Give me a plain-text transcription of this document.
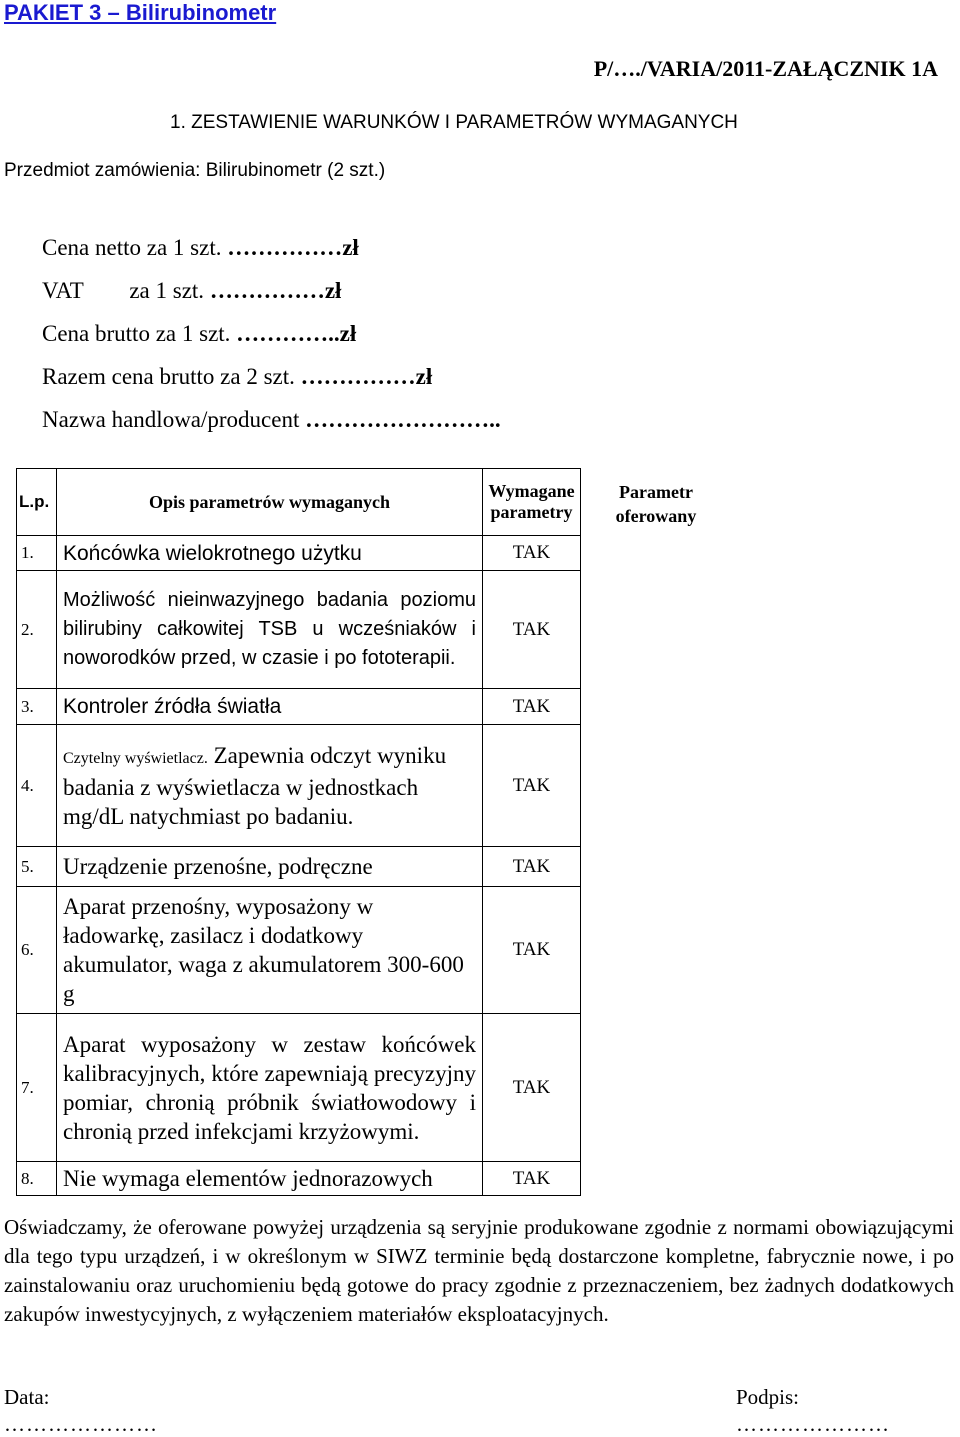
PAKIET 3 – Bilirubinometr
P/…./VARIA/2011-ZAŁĄCZNIK 1A
1. ZESTAWIENIE WARUNKÓW I PARAMETRÓW WYMAGANYCH
Przedmiot zamówienia: Bilirubinometr (2 szt.)
Cena netto za 1 szt. ……………zł
VAT        za 1 szt. ……………zł
Cena brutto za 1 szt. …………..zł
Razem cena brutto za 2 szt. ……………zł
Nazwa handlowa/producent ……………………..
L.p.	Opis parametrów wymaganych	Wymagane parametry
1.	Końcówka wielokrotnego użytku	TAK
2.	Możliwość nieinwazyjnego badania poziomu bilirubiny całkowitej TSB u wcześniaków i noworodków przed, w czasie i po fototerapii.	TAK
3.	Kontroler źródła światła	TAK
4.	Czytelny wyświetlacz. Zapewnia odczyt wyniku badania z wyświetlacza w jednostkach mg/dL natychmiast po badaniu.	TAK
5.	Urządzenie przenośne, podręczne	TAK
6.	Aparat przenośny, wyposażony w ładowarkę, zasilacz i dodatkowy akumulator, waga z akumulatorem 300-600 g	TAK
7.	Aparat wyposażony w zestaw końcówek kalibracyjnych, które zapewniają precyzyjny pomiar, chronią próbnik światłowodowy i chronią przed infekcjami krzyżowymi.	TAK
8.	Nie wymaga elementów jednorazowych	TAK
Parametr oferowany
Oświadczamy, że oferowane powyżej urządzenia są seryjnie produkowane zgodnie z normami obowiązującymi dla tego typu urządzeń, i w określonym w SIWZ terminie będą dostarczone kompletne, fabrycznie nowe, i po zainstalowaniu oraz uruchomieniu będą gotowe do pracy zgodnie z przeznaczeniem, bez żadnych dodatkowych zakupów inwestycyjnych, z wyłączeniem materiałów eksploatacyjnych.
Data:
…………………
Podpis:
…………………
